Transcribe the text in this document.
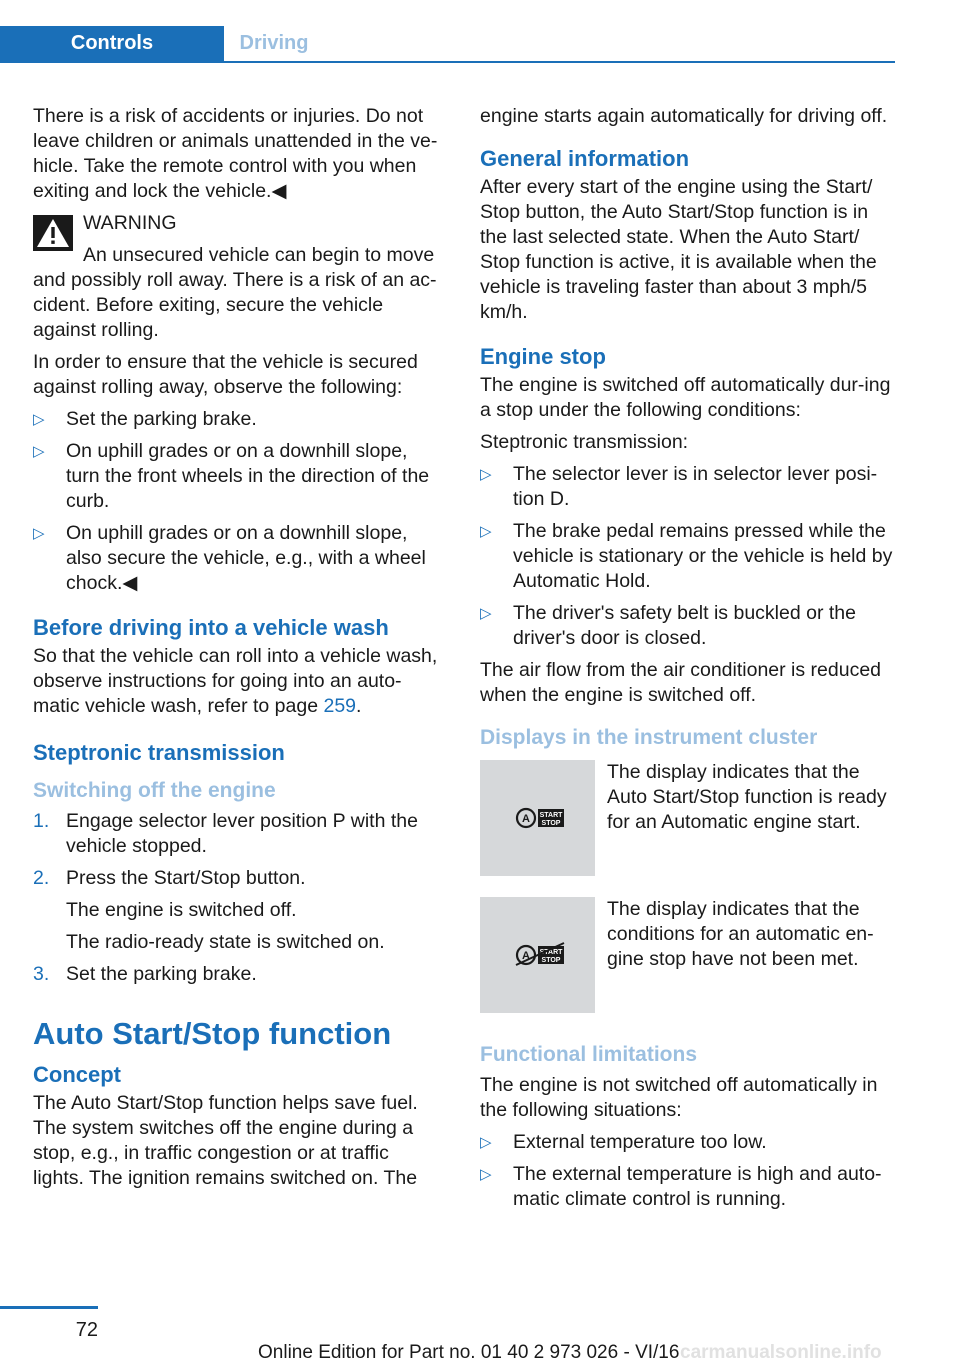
Controls	Driving

There is a risk of accidents or injuries. Do not leave children or animals unattended in the ve-hicle. Take the remote control with you when exiting and lock the vehicle.◀

WARNING

An unsecured vehicle can begin to move and possibly roll away. There is a risk of an ac-cident. Before exiting, secure the vehicle against rolling.

In order to ensure that the vehicle is secured against rolling away, observe the following:

▷ Set the parking brake.
▷ On uphill grades or on a downhill slope, turn the front wheels in the direction of the curb.
▷ On uphill grades or on a downhill slope, also secure the vehicle, e.g., with a wheel chock.◀
Before driving into a vehicle wash

So that the vehicle can roll into a vehicle wash, observe instructions for going into an auto-matic vehicle wash, refer to page 259.

Steptronic transmission
Switching off the engine
1. Engage selector lever position P with the vehicle stopped.
2. Press the Start/Stop button.
The engine is switched off.
The radio-ready state is switched on.
3. Set the parking brake.
Auto Start/Stop function
Concept

The Auto Start/Stop function helps save fuel. The system switches off the engine during a stop, e.g., in traffic congestion or at traffic lights. The ignition remains switched on. The

engine starts again automatically for driving off.

General information

After every start of the engine using the Start/ Stop button, the Auto Start/Stop function is in the last selected state. When the Auto Start/ Stop function is active, it is available when the vehicle is traveling faster than about 3 mph/5 km/h.

Engine stop

The engine is switched off automatically dur-ing a stop under the following conditions:

Steptronic transmission:

▷ The selector lever is in selector lever posi-tion D.
▷ The brake pedal remains pressed while the vehicle is stationary or the vehicle is held by Automatic Hold.
▷ The driver's safety belt is buckled or the driver's door is closed.

The air flow from the air conditioner is reduced when the engine is switched off.

Displays in the instrument cluster
A START
STOP
The display indicates that the Auto Start/Stop function is ready for an Automatic engine start.
A START
STOP
The display indicates that the conditions for an automatic en-gine stop have not been met.
Functional limitations

The engine is not switched off automatically in the following situations:

▷ External temperature too low.
▷ The external temperature is high and auto-matic climate control is running.
72
Online Edition for Part no. 01 40 2 973 026 - VI/16 carmanualsonline.info
